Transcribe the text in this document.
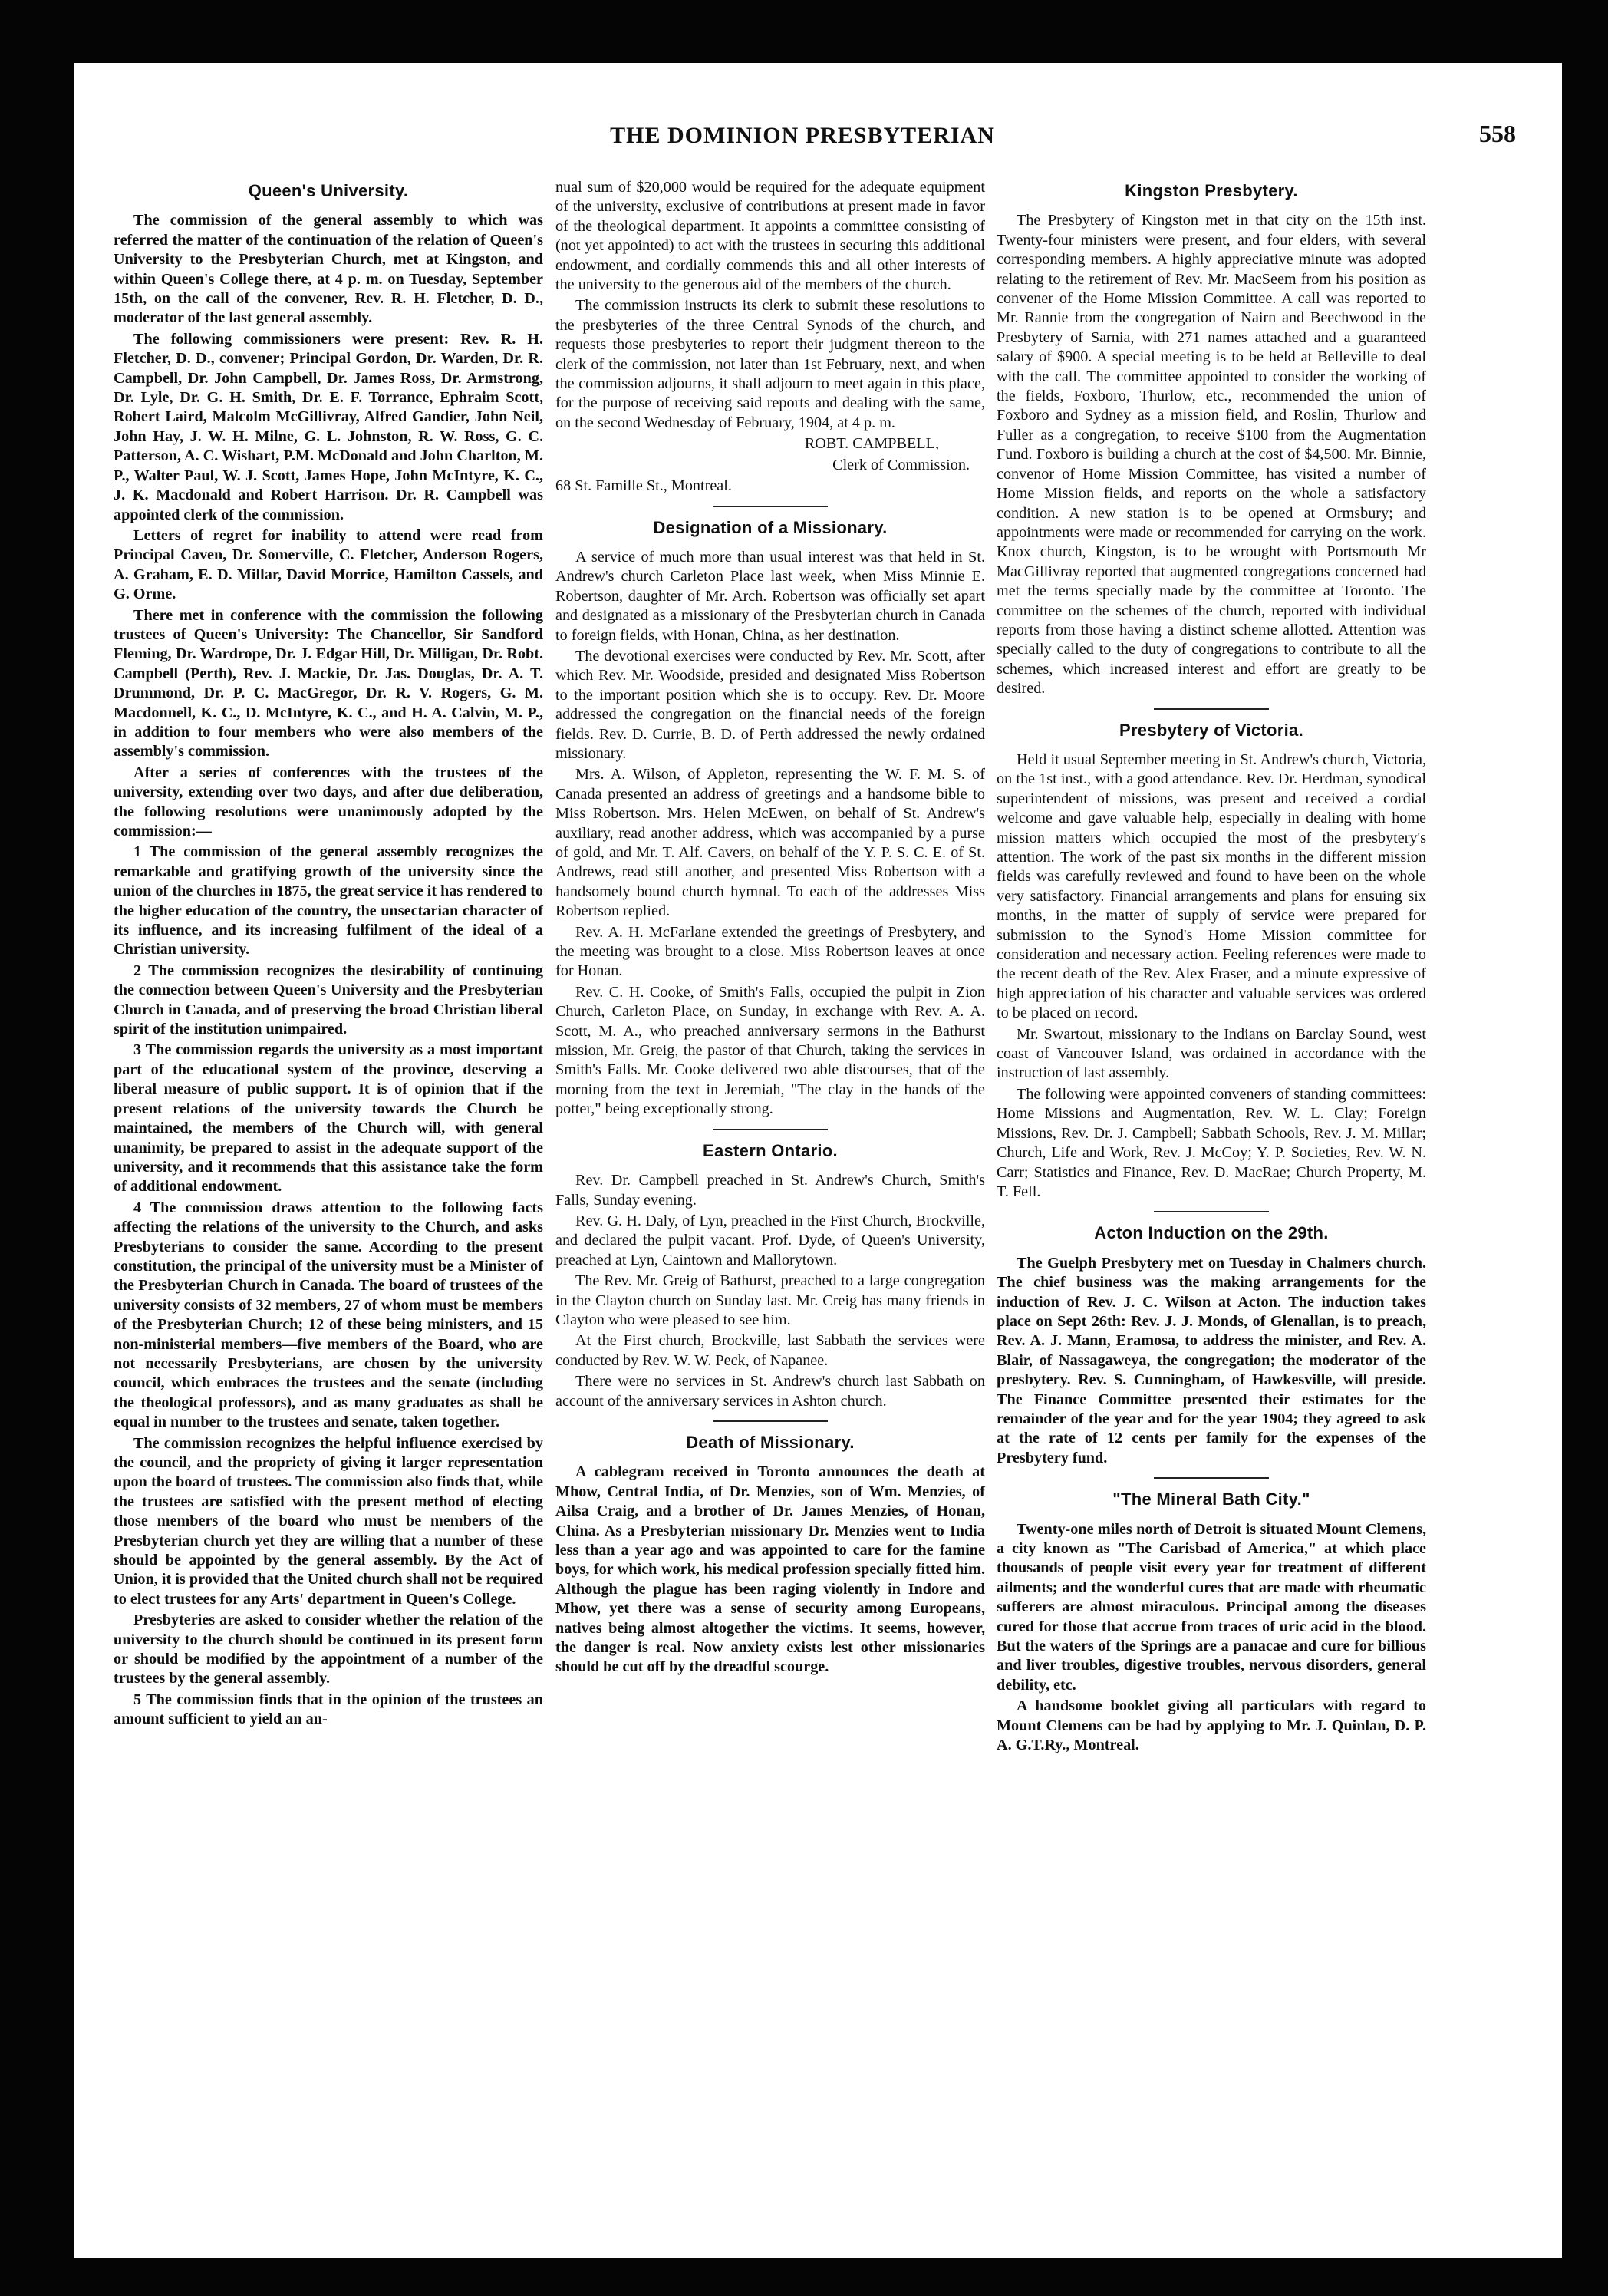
THE DOMINION PRESBYTERIAN	558
Queen's University.

The commission of the general assembly to which was referred the matter of the continuation of the relation of Queen's University to the Presbyterian Church, met at Kingston, and within Queen's College there, at 4 p. m. on Tuesday, September 15th, on the call of the convener, Rev. R. H. Fletcher, D. D., moderator of the last general assembly.

The following commissioners were present: Rev. R. H. Fletcher, D. D., convener; Principal Gordon, Dr. Warden, Dr. R. Campbell, Dr. John Campbell, Dr. James Ross, Dr. Armstrong, Dr. Lyle, Dr. G. H. Smith, Dr. E. F. Torrance, Ephraim Scott, Robert Laird, Malcolm McGillivray, Alfred Gandier, John Neil, John Hay, J. W. H. Milne, G. L. Johnston, R. W. Ross, G. C. Patterson, A. C. Wishart, P.M. McDonald and John Charlton, M. P., Walter Paul, W. J. Scott, James Hope, John McIntyre, K. C., J. K. Macdonald and Robert Harrison. Dr. R. Campbell was appointed clerk of the commission.

Letters of regret for inability to attend were read from Principal Caven, Dr. Somerville, C. Fletcher, Anderson Rogers, A. Graham, E. D. Millar, David Morrice, Hamilton Cassels, and G. Orme.

There met in conference with the commission the following trustees of Queen's University: The Chancellor, Sir Sandford Fleming, Dr. Wardrope, Dr. J. Edgar Hill, Dr. Milligan, Dr. Robt. Campbell (Perth), Rev. J. Mackie, Dr. Jas. Douglas, Dr. A. T. Drummond, Dr. P. C. MacGregor, Dr. R. V. Rogers, G. M. Macdonnell, K. C., D. McIntyre, K. C., and H. A. Calvin, M. P., in addition to four members who were also members of the assembly's commission.

After a series of conferences with the trustees of the university, extending over two days, and after due deliberation, the following resolutions were unanimously adopted by the commission:—

1 The commission of the general assembly recognizes the remarkable and gratifying growth of the university since the union of the churches in 1875, the great service it has rendered to the higher education of the country, the unsectarian character of its influence, and its increasing fulfilment of the ideal of a Christian university.

2 The commission recognizes the desirability of continuing the connection between Queen's University and the Presbyterian Church in Canada, and of preserving the broad Christian liberal spirit of the institution unimpaired.

3 The commission regards the university as a most important part of the educational system of the province, deserving a liberal measure of public support. It is of opinion that if the present relations of the university towards the Church be maintained, the members of the Church will, with general unanimity, be prepared to assist in the adequate support of the university, and it recommends that this assistance take the form of additional endowment.

4 The commission draws attention to the following facts affecting the relations of the university to the Church, and asks Presbyterians to consider the same. According to the present constitution, the principal of the university must be a Minister of the Presbyterian Church in Canada. The board of trustees of the university consists of 32 members, 27 of whom must be members of the Presbyterian Church; 12 of these being ministers, and 15 non-ministerial members—five members of the Board, who are not necessarily Presbyterians, are chosen by the university council, which embraces the trustees and the senate (including the theological professors), and as many graduates as shall be equal in number to the trustees and senate, taken together.

The commission recognizes the helpful influence exercised by the council, and the propriety of giving it larger representation upon the board of trustees. The commission also finds that, while the trustees are satisfied with the present method of electing those members of the board who must be members of the Presbyterian church yet they are willing that a number of these should be appointed by the general assembly. By the Act of Union, it is provided that the United church shall not be required to elect trustees for any Arts' department in Queen's College.

Presbyteries are asked to consider whether the relation of the university to the church should be continued in its present form or should be modified by the appointment of a number of the trustees by the general assembly.

5 The commission finds that in the opinion of the trustees an amount sufficient to yield an an-

nual sum of $20,000 would be required for the adequate equipment of the university, exclusive of contributions at present made in favor of the theological department. It appoints a committee consisting of (not yet appointed) to act with the trustees in securing this additional endowment, and cordially commends this and all other interests of the university to the generous aid of the members of the church.

The commission instructs its clerk to submit these resolutions to the presbyteries of the three Central Synods of the church, and requests those presbyteries to report their judgment thereon to the clerk of the commission, not later than 1st February, next, and when the commission adjourns, it shall adjourn to meet again in this place, for the purpose of receiving said reports and dealing with the same, on the second Wednesday of February, 1904, at 4 p. m.

ROBT. CAMPBELL,

Clerk of Commission.

68 St. Famille St., Montreal.

Designation of a Missionary.

A service of much more than usual interest was that held in St. Andrew's church Carleton Place last week, when Miss Minnie E. Robertson, daughter of Mr. Arch. Robertson was officially set apart and designated as a missionary of the Presbyterian church in Canada to foreign fields, with Honan, China, as her destination.

The devotional exercises were conducted by Rev. Mr. Scott, after which Rev. Mr. Woodside, presided and designated Miss Robertson to the important position which she is to occupy. Rev. Dr. Moore addressed the congregation on the financial needs of the foreign fields. Rev. D. Currie, B. D. of Perth addressed the newly ordained missionary.

Mrs. A. Wilson, of Appleton, representing the W. F. M. S. of Canada presented an address of greetings and a handsome bible to Miss Robertson. Mrs. Helen McEwen, on behalf of St. Andrew's auxiliary, read another address, which was accompanied by a purse of gold, and Mr. T. Alf. Cavers, on behalf of the Y. P. S. C. E. of St. Andrews, read still another, and presented Miss Robertson with a handsomely bound church hymnal. To each of the addresses Miss Robertson replied.

Rev. A. H. McFarlane extended the greetings of Presbytery, and the meeting was brought to a close. Miss Robertson leaves at once for Honan.

Rev. C. H. Cooke, of Smith's Falls, occupied the pulpit in Zion Church, Carleton Place, on Sunday, in exchange with Rev. A. A. Scott, M. A., who preached anniversary sermons in the Bathurst mission, Mr. Greig, the pastor of that Church, taking the services in Smith's Falls. Mr. Cooke delivered two able discourses, that of the morning from the text in Jeremiah, "The clay in the hands of the potter," being exceptionally strong.

Eastern Ontario.

Rev. Dr. Campbell preached in St. Andrew's Church, Smith's Falls, Sunday evening.

Rev. G. H. Daly, of Lyn, preached in the First Church, Brockville, and declared the pulpit vacant. Prof. Dyde, of Queen's University, preached at Lyn, Caintown and Mallorytown.

The Rev. Mr. Greig of Bathurst, preached to a large congregation in the Clayton church on Sunday last. Mr. Creig has many friends in Clayton who were pleased to see him.

At the First church, Brockville, last Sabbath the services were conducted by Rev. W. W. Peck, of Napanee.

There were no services in St. Andrew's church last Sabbath on account of the anniversary services in Ashton church.

Death of Missionary.

A cablegram received in Toronto announces the death at Mhow, Central India, of Dr. Menzies, son of Wm. Menzies, of Ailsa Craig, and a brother of Dr. James Menzies, of Honan, China. As a Presbyterian missionary Dr. Menzies went to India less than a year ago and was appointed to care for the famine boys, for which work, his medical profession specially fitted him. Although the plague has been raging violently in Indore and Mhow, yet there was a sense of security among Europeans, natives being almost altogether the victims. It seems, however, the danger is real. Now anxiety exists lest other missionaries should be cut off by the dreadful scourge.

Kingston Presbytery.

The Presbytery of Kingston met in that city on the 15th inst. Twenty-four ministers were present, and four elders, with several corresponding members. A highly appreciative minute was adopted relating to the retirement of Rev. Mr. MacSeem from his position as convener of the Home Mission Committee. A call was reported to Mr. Rannie from the congregation of Nairn and Beechwood in the Presbytery of Sarnia, with 271 names attached and a guaranteed salary of $900. A special meeting is to be held at Belleville to deal with the call. The committee appointed to consider the working of the fields, Foxboro, Thurlow, etc., recommended the union of Foxboro and Sydney as a mission field, and Roslin, Thurlow and Fuller as a congregation, to receive $100 from the Augmentation Fund. Foxboro is building a church at the cost of $4,500. Mr. Binnie, convenor of Home Mission Committee, has visited a number of Home Mission fields, and reports on the whole a satisfactory condition. A new station is to be opened at Ormsbury; and appointments were made or recommended for carrying on the work. Knox church, Kingston, is to be wrought with Portsmouth Mr MacGillivray reported that augmented congregations concerned had met the terms specially made by the committee at Toronto. The committee on the schemes of the church, reported with individual reports from those having a distinct scheme allotted. Attention was specially called to the duty of congregations to contribute to all the schemes, which increased interest and effort are greatly to be desired.

Presbytery of Victoria.

Held it usual September meeting in St. Andrew's church, Victoria, on the 1st inst., with a good attendance. Rev. Dr. Herdman, synodical superintendent of missions, was present and received a cordial welcome and gave valuable help, especially in dealing with home mission matters which occupied the most of the presbytery's attention. The work of the past six months in the different mission fields was carefully reviewed and found to have been on the whole very satisfactory. Financial arrangements and plans for ensuing six months, in the matter of supply of service were prepared for submission to the Synod's Home Mission committee for consideration and necessary action. Feeling references were made to the recent death of the Rev. Alex Fraser, and a minute expressive of high appreciation of his character and valuable services was ordered to be placed on record.

Mr. Swartout, missionary to the Indians on Barclay Sound, west coast of Vancouver Island, was ordained in accordance with the instruction of last assembly.

The following were appointed conveners of standing committees: Home Missions and Augmentation, Rev. W. L. Clay; Foreign Missions, Rev. Dr. J. Campbell; Sabbath Schools, Rev. J. M. Millar; Church, Life and Work, Rev. J. McCoy; Y. P. Societies, Rev. W. N. Carr; Statistics and Finance, Rev. D. MacRae; Church Property, M. T. Fell.

Acton Induction on the 29th.

The Guelph Presbytery met on Tuesday in Chalmers church. The chief business was the making arrangements for the induction of Rev. J. C. Wilson at Acton. The induction takes place on Sept 26th: Rev. J. J. Monds, of Glenallan, is to preach, Rev. A. J. Mann, Eramosa, to address the minister, and Rev. A. Blair, of Nassagaweya, the congregation; the moderator of the presbytery. Rev. S. Cunningham, of Hawkesville, will preside. The Finance Committee presented their estimates for the remainder of the year and for the year 1904; they agreed to ask at the rate of 12 cents per family for the expenses of the Presbytery fund.

"The Mineral Bath City."

Twenty-one miles north of Detroit is situated Mount Clemens, a city known as "The Carisbad of America," at which place thousands of people visit every year for treatment of different ailments; and the wonderful cures that are made with rheumatic sufferers are almost miraculous. Principal among the diseases cured for those that accrue from traces of uric acid in the blood. But the waters of the Springs are a panacae and cure for billious and liver troubles, digestive troubles, nervous disorders, general debility, etc.

A handsome booklet giving all particulars with regard to Mount Clemens can be had by applying to Mr. J. Quinlan, D. P. A. G.T.Ry., Montreal.
